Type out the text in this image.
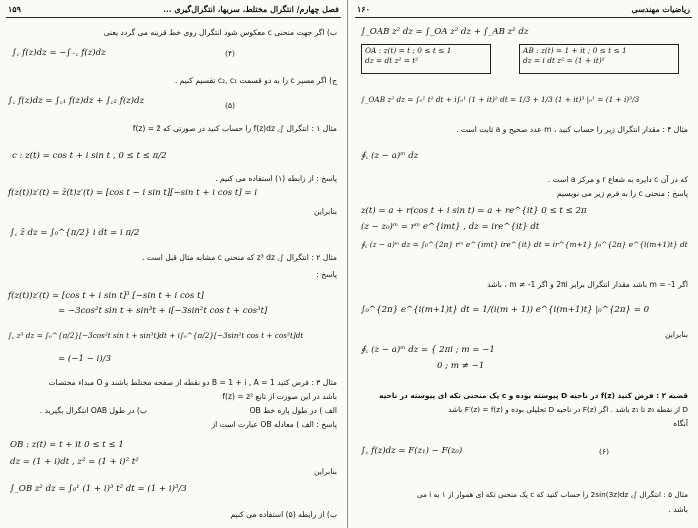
فصل چهارم/ انتگرال مختلط، سریها، انتگرال‌گیری ...
۱۵۹
ب) اگر جهت منحنی c معکوس شود انتگرال روی خط قرینه می گردد یعنی
∫꜀ f(z)dz = −∫₋꜀ f(z)dz	(۴)
ج) اگر مسیر c را به دو قسمت c₂, c₁ تقسیم کنیم .
∫꜀ f(z)dz = ∫꜀₁ f(z)dz + ∫꜀₂ f(z)dz	(۵)
مثال ۱ : انتگرال ∫꜀ f(z)dz را حساب کنید در صورتی که f(z) = z̄
c : z(t) = cos t + i sin t , 0 ≤ t ≤ π/2
پاسخ : از رابطه (۱) استفاده می کنیم .
f(z(t))z′(t) = z̄(t)z′(t) = [cos t − i sin t][−sin t + i cos t] = i
بنابراین
∫꜀ z̄ dz = ∫₀^{π/2} i dt = i π/2
مثال ۲ : انتگرال ∫꜀ z³ dz که منحنی c مشابه مثال قبل است .
پاسخ :
f(z(t))z′(t) = [cos t + i sin t]³ [−sin t + i cos t]
= −3cos²t sin t + sin³t + i[−3sin²t cos t + cos³t]
∫꜀ z³ dz = ∫₀^{π/2}[−3cos²t sin t + sin³t]dt + i∫₀^{π/2}[−3sin²t cos t + cos³t]dt
= (−1 − i)/3
مثال ۳ : فرض کنید B = 1 + i , A = 1 دو نقطه از صفحه مختلط باشند و O مبداء مختصات
باشد در این صورت از تابع f(z) = z²
الف ) در طول پاره خط OB
ب) در طول OAB انتگرال بگیرید .
پاسخ : الف ) معادله OB عبارت است از
OB : z(t) = t + it 0 ≤ t ≤ 1
dz = (1 + i)dt , z² = (1 + i)² t²
بنابراین
∫_OB z² dz = ∫₀¹ (1 + i)³ t² dt = (1 + i)³/3
ب) از رابطه (۵) استفاده می کنیم
ریاضیات مهندسی
۱۶۰
∫_OAB z² dz = ∫_OA z² dz + ∫_AB z² dz
OA : z(t) = t ; 0 ≤ t ≤ 1
dz = dt z² = t²
AB : z(t) = 1 + it ; 0 ≤ t ≤ 1
dz = i dt z² = (1 + it)²
∫_OAB z² dz = ∫₀¹ t² dt + i∫₀¹ (1 + it)² dt = 1/3 + 1/3 (1 + it)³ |₀¹ = (1 + i)³/3
مثال ۴ : مقدار انتگرال زیر را حساب کنید ، m عدد صحیح و a ثابت است .
∮꜀ (z − a)ᵐ dz
که در آن c دایره به شعاع r و مرکز a است .
پاسخ : منحنی c را به فرم زیر می نویسیم
z(t) = a + r(cos t + i sin t) = a + re^{it} 0 ≤ t ≤ 2π
(z − z₀)ᵐ = rᵐ e^{imt} , dz = ire^{it} dt
∮꜀ (z − a)ᵐ dz = ∫₀^{2π} rᵐ e^{imt} ire^{it} dt = ir^{m+1} ∫₀^{2π} e^{i(m+1)t} dt
اگر m = -1 باشد مقدار انتگرال برابر 2πi و اگر m ≠ -1 ، باشد
∫₀^{2π} e^{i(m+1)t} dt = 1/(i(m + 1)) e^{i(m+1)t} |₀^{2π} = 0
بنابراین
∮꜀ (z − a)ᵐ dz = { 2πi ; m = −1
0 ; m ≠ −1
قضیه ۲ : فرض کنید f(z) در ناحیه D پیوسته بوده و c یک منحنی تکه ای پیوسته در ناحیه
D از نقطه z₀ تا z₁ باشد . اگر F(z) در ناحیه D تحلیلی بوده و F′(z) = f(z) باشد
آنگاه
∫꜀ f(z)dz = F(z₁) − F(z₀)	(۶)
مثال ۵ : انتگرال ∫꜀ 2sin(3z)dz را حساب کنید که c یک منحنی تکه ای هموار از ۱ به i می
باشد .
